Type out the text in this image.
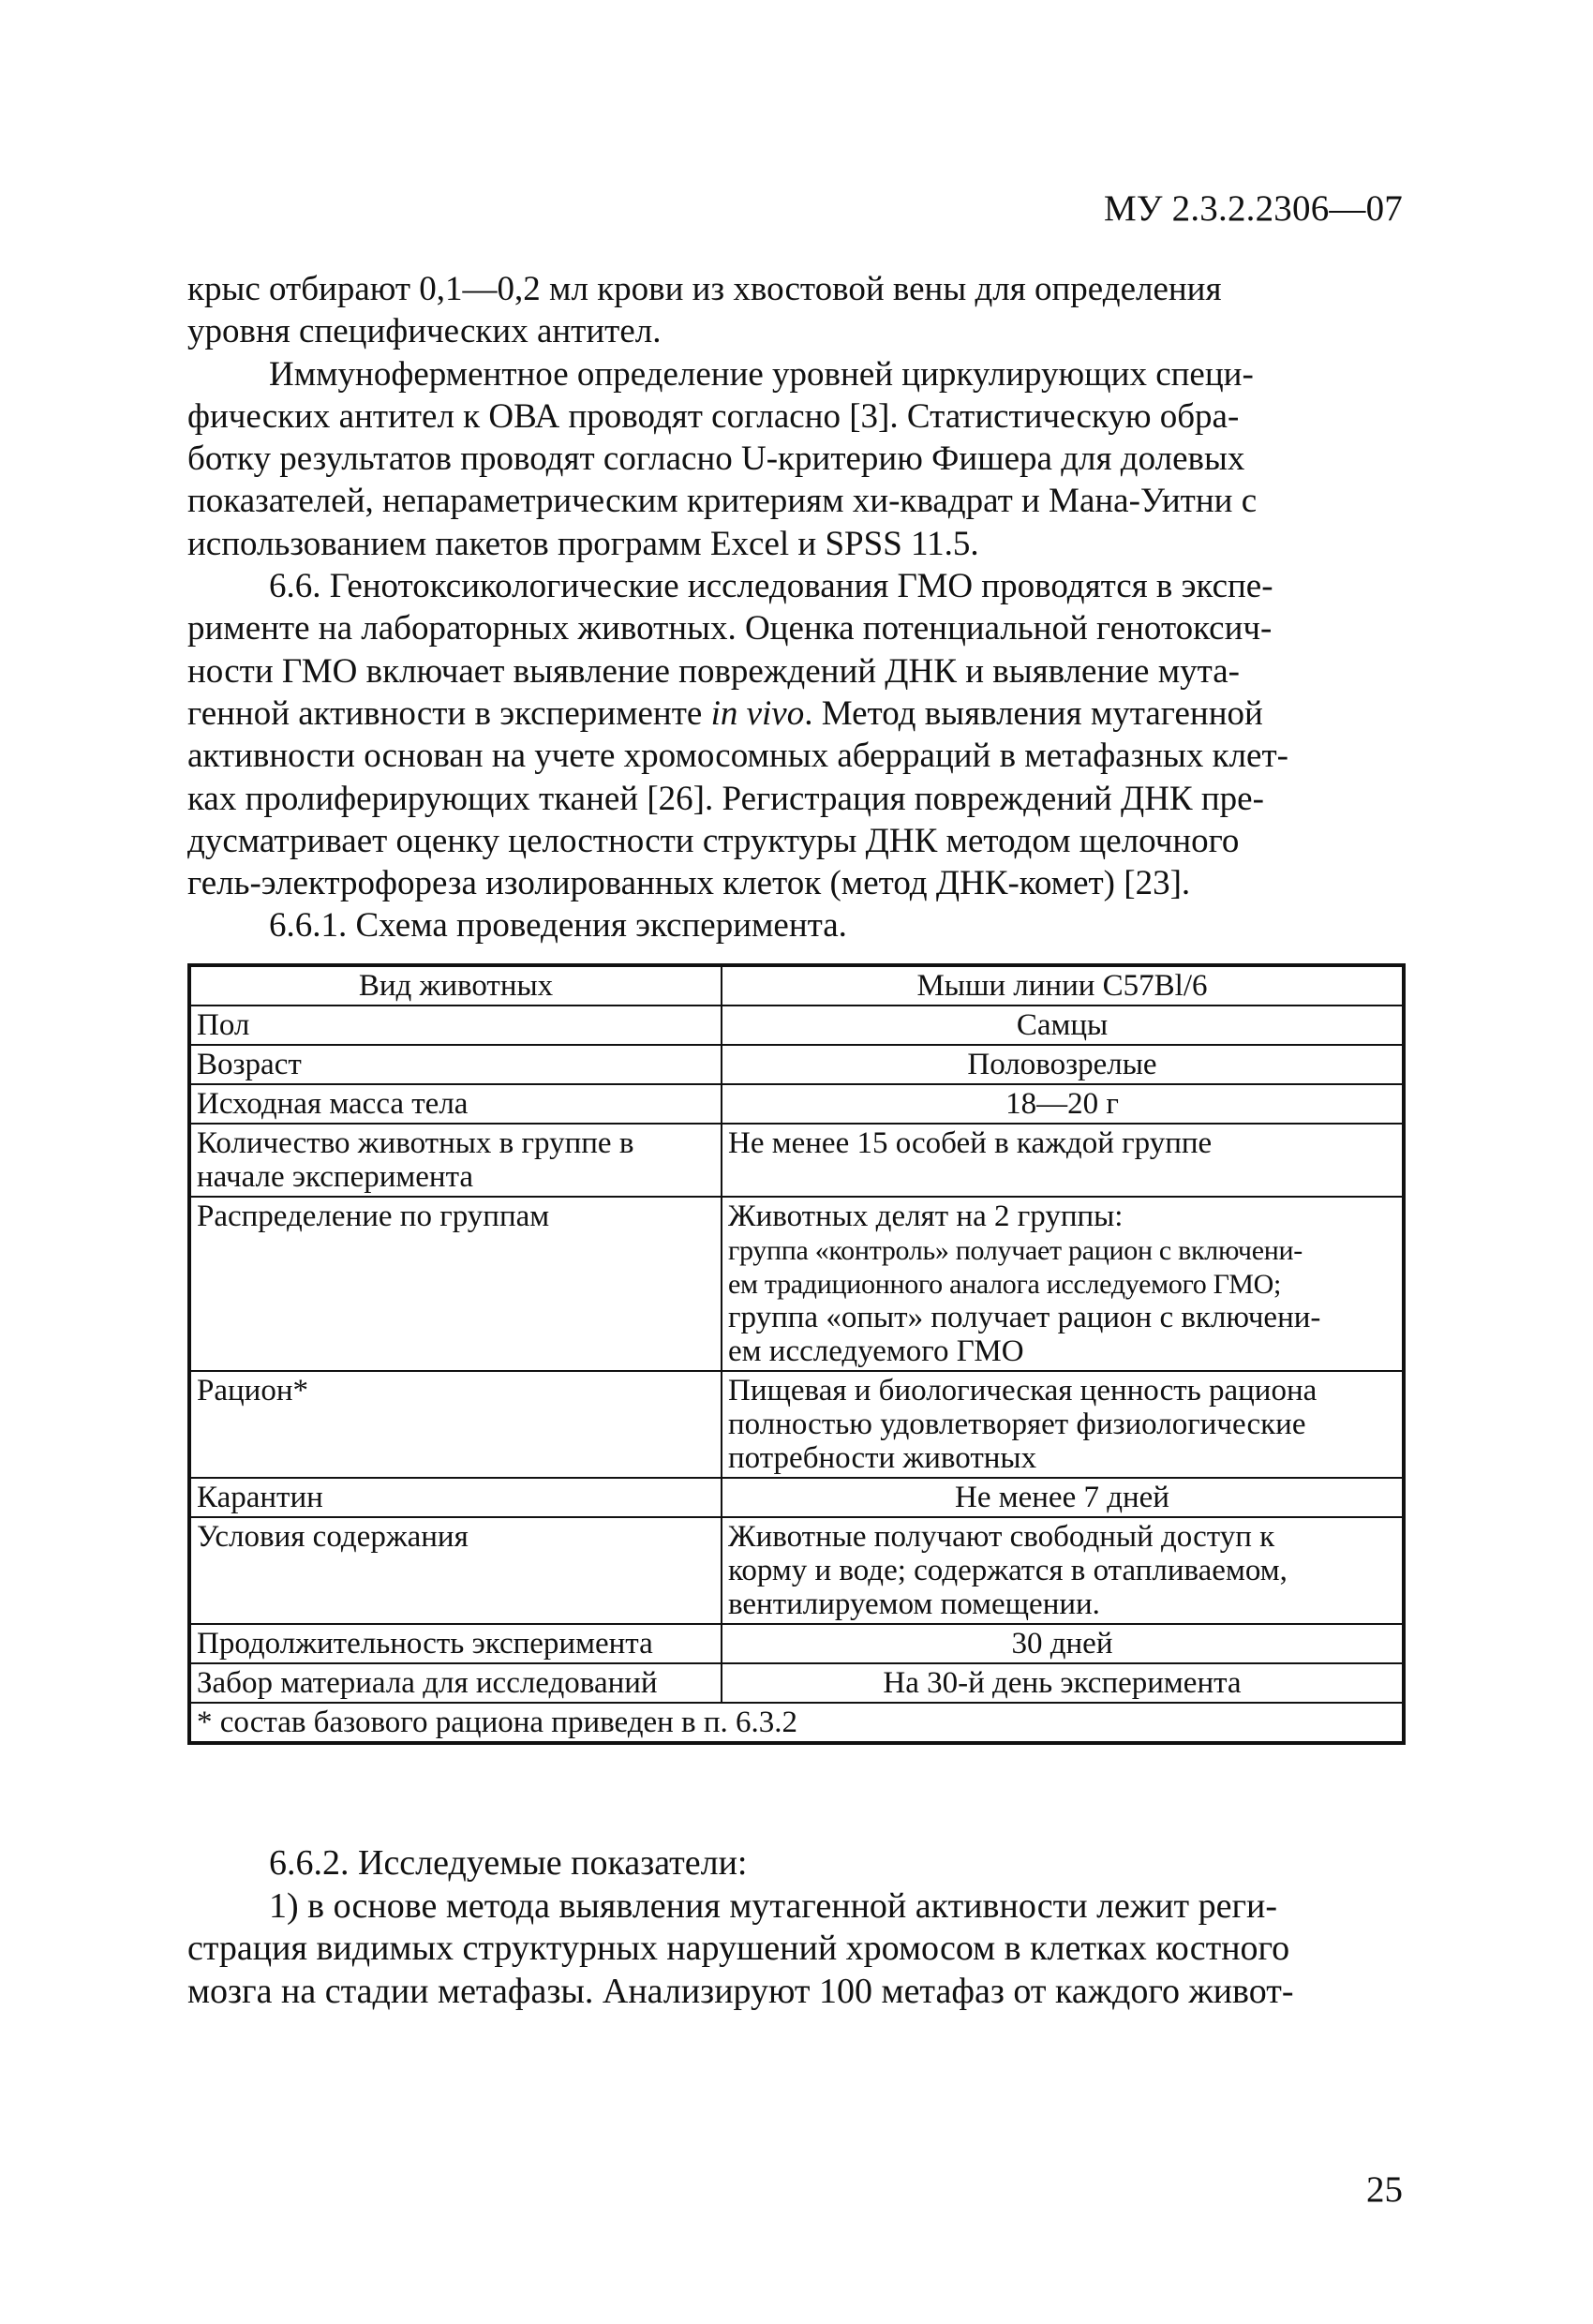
МУ 2.3.2.2306—07

крыс отбирают 0,1—0,2 мл крови из хвостовой вены для определения
уровня специфических антител.

Иммуноферментное определение уровней циркулирующих специ-
фических антител к ОВА проводят согласно [3]. Статистическую обра-
ботку результатов проводят согласно U-критерию Фишера для долевых
показателей, непараметрическим критериям хи-квадрат и Мана-Уитни с
использованием пакетов программ Excel и SPSS 11.5.

6.6. Генотоксикологические исследования ГМО проводятся в экспе-
рименте на лабораторных животных. Оценка потенциальной генотоксич-
ности ГМО включает выявление повреждений ДНК и выявление мута-
генной активности в эксперименте in vivo. Метод выявления мутагенной
активности основан на учете хромосомных аберраций в метафазных клет-
ках пролиферирующих тканей [26]. Регистрация повреждений ДНК пре-
дусматривает оценку целостности структуры ДНК методом щелочного
гель-электрофореза изолированных клеток (метод ДНК-комет) [23].

6.6.1. Схема проведения эксперимента.

Вид животных	Мыши линии С57Bl/6
Пол	Самцы
Возраст	Половозрелые
Исходная масса тела	18—20 г
Количество животных в группе в начале эксперимента	Не менее 15 особей в каждой группе
Распределение по группам	Животных делят на 2 группы:
группа «контроль» получает рацион с включени-
ем традиционного аналога исследуемого ГМО;
группа «опыт» получает рацион с включени-
ем исследуемого ГМО
Рацион*	Пищевая и биологическая ценность рациона
полностью удовлетворяет физиологические
потребности животных
Карантин	Не менее 7 дней
Условия содержания	Животные получают свободный доступ к
корму и воде; содержатся в отапливаемом,
вентилируемом помещении.
Продолжительность эксперимента	30 дней
Забор материала для исследований	На 30-й день эксперимента
* состав базового рациона приведен в п. 6.3.2	

6.6.2. Исследуемые показатели:

1) в основе метода выявления мутагенной активности лежит реги-
страция видимых структурных нарушений хромосом в клетках костного
мозга на стадии метафазы. Анализируют 100 метафаз от каждого живот-

25
